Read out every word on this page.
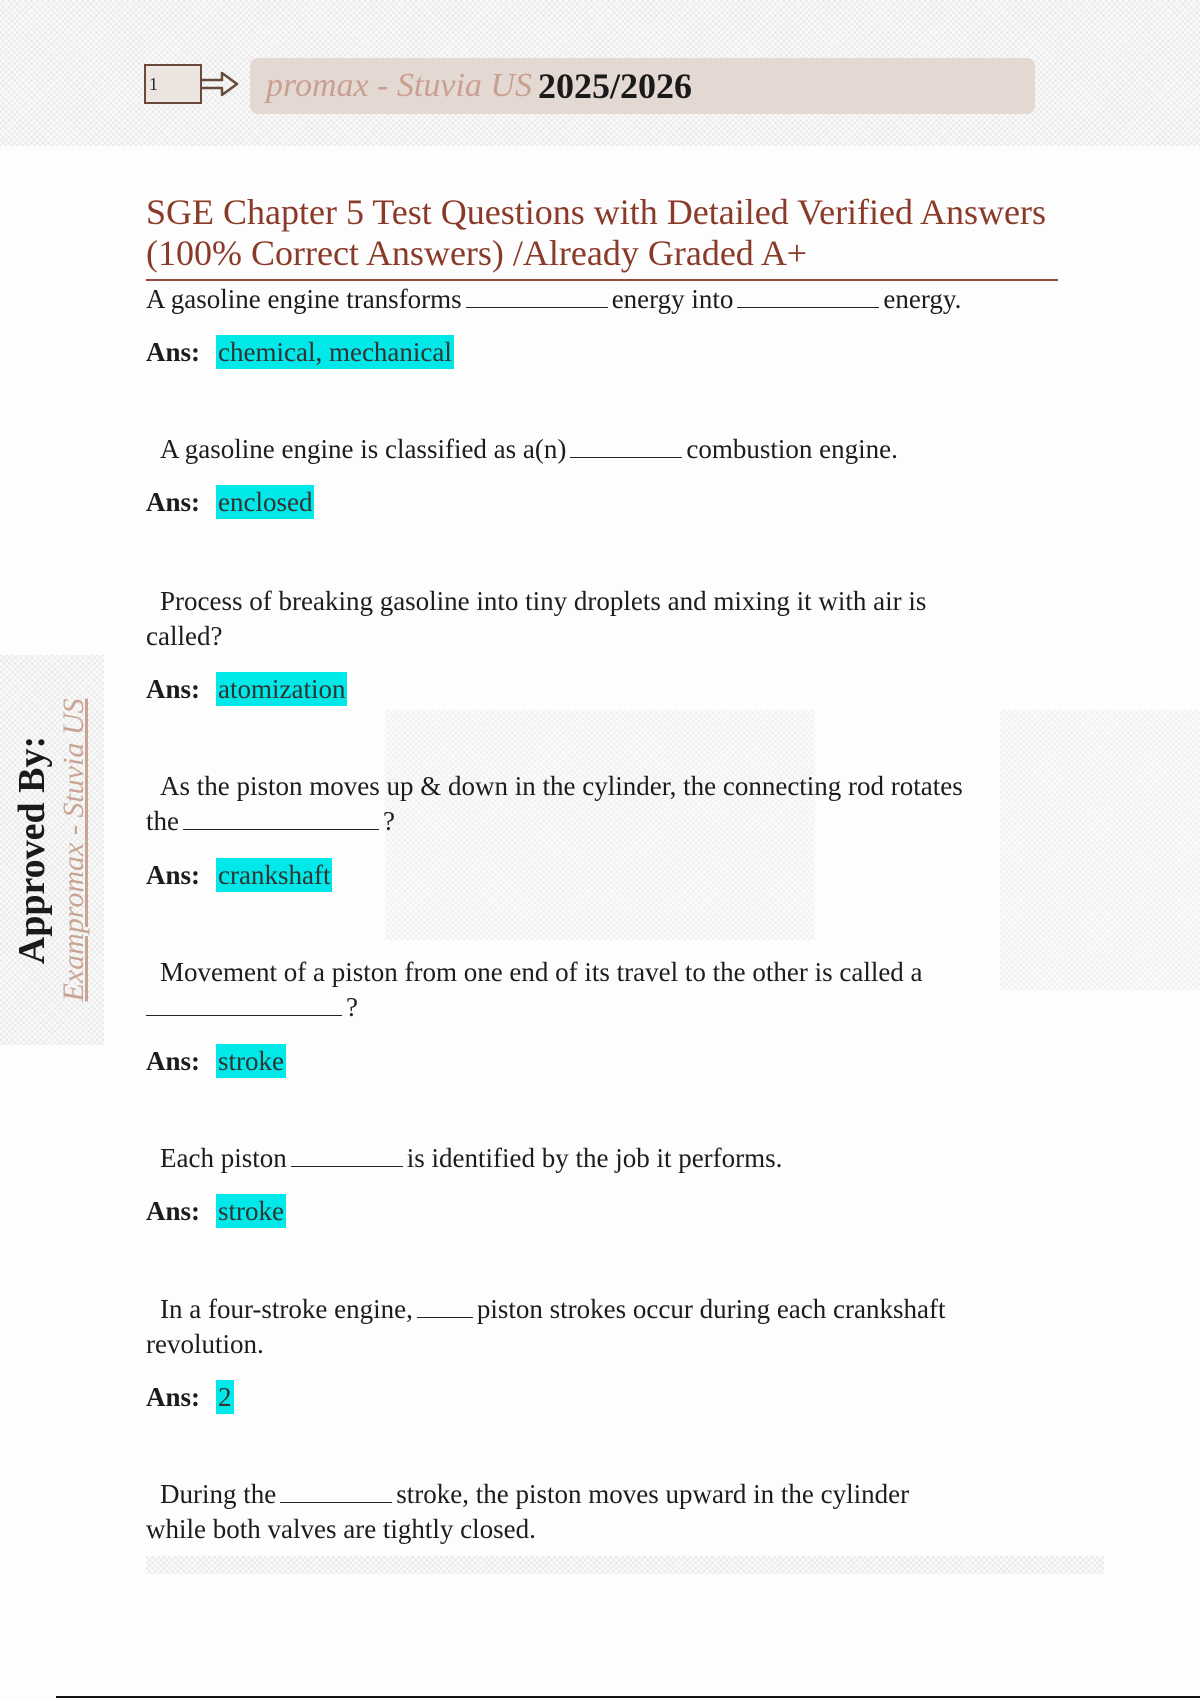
1	promax - Stuvia US 2025/2026
Approved By: Exampromax - Stuvia US
SGE Chapter 5 Test Questions with Detailed Verified Answers (100% Correct Answers) /Already Graded A+
A gasoline engine transforms	energy into	energy.
Ans: chemical, mechanical
A gasoline engine is classified as a(n)	combustion engine.
Ans: enclosed
Process of breaking gasoline into tiny droplets and mixing it with air is
called?
Ans: atomization
As the piston moves up & down in the cylinder, the connecting rod rotates
the	?
Ans: crankshaft
Movement of a piston from one end of its travel to the other is called a
?
Ans: stroke
Each piston	is identified by the job it performs.
Ans: stroke
In a four-stroke engine, piston strokes occur during each crankshaft
revolution.
Ans: 2
During the	stroke, the piston moves upward in the cylinder
while both valves are tightly closed.
